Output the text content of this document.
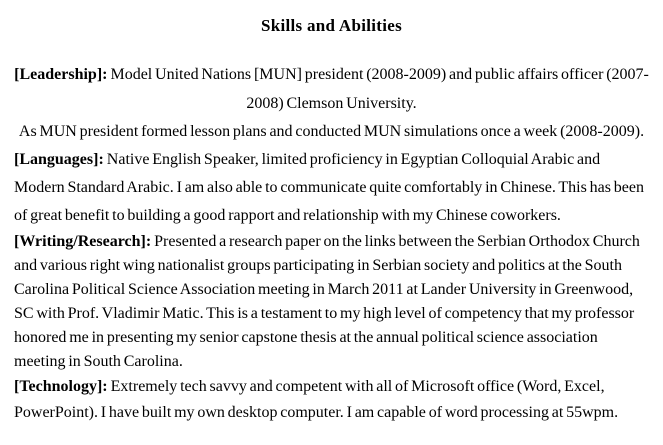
Skills and Abilities

[Leadership]: Model United Nations [MUN] president (2008-2009) and public affairs officer (2007-2008) Clemson University.

As MUN president formed lesson plans and conducted MUN simulations once a week (2008-2009).

[Languages]: Native English Speaker, limited proficiency in Egyptian Colloquial Arabic and Modern Standard Arabic. I am also able to communicate quite comfortably in Chinese. This has been of great benefit to building a good rapport and relationship with my Chinese coworkers.

[Writing/Research]: Presented a research paper on the links between the Serbian Orthodox Church and various right wing nationalist groups participating in Serbian society and politics at the South Carolina Political Science Association meeting in March 2011 at Lander University in Greenwood, SC with Prof. Vladimir Matic. This is a testament to my high level of competency that my professor honored me in presenting my senior capstone thesis at the annual political science association meeting in South Carolina.

[Technology]: Extremely tech savvy and competent with all of Microsoft office (Word, Excel, PowerPoint). I have built my own desktop computer. I am capable of word processing at 55wpm.
